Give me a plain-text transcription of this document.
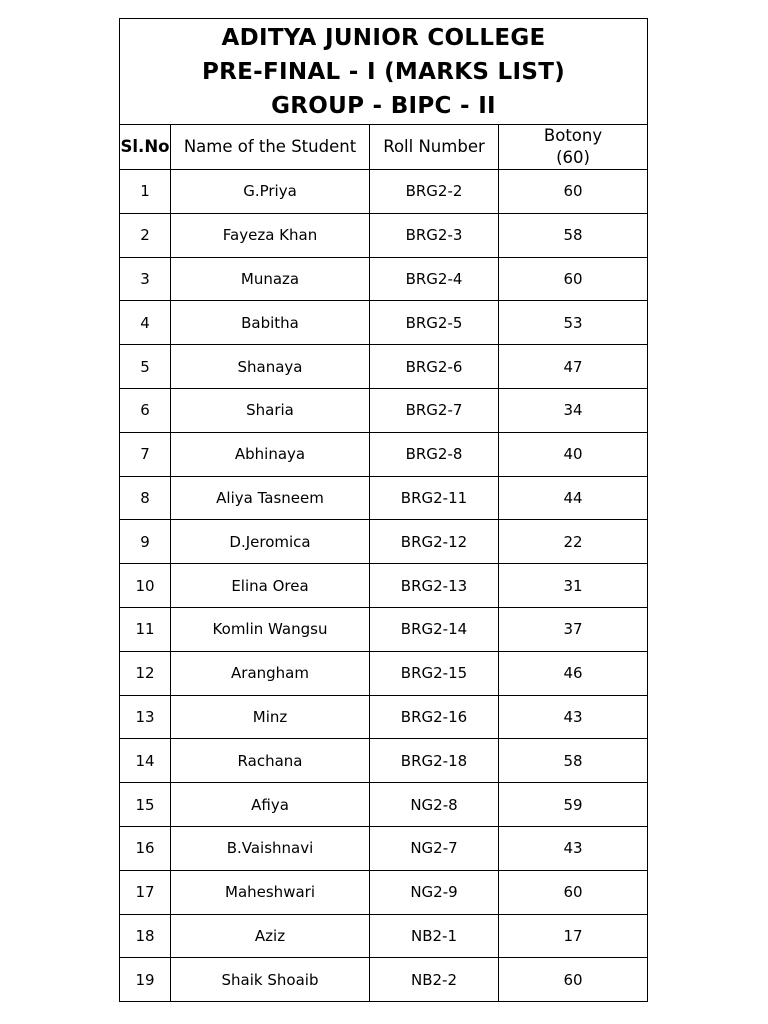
ADITYA JUNIOR COLLEGE
PRE-FINAL - I (MARKS LIST)
GROUP - BIPC - II			

Sl.No	Name of the Student	Roll Number	Botony
(60)

1	G.Priya	BRG2-2	60
2	Fayeza Khan	BRG2-3	58
3	Munaza	BRG2-4	60
4	Babitha	BRG2-5	53
5	Shanaya	BRG2-6	47
6	Sharia	BRG2-7	34
7	Abhinaya	BRG2-8	40
8	Aliya Tasneem	BRG2-11	44
9	D.Jeromica	BRG2-12	22
10	Elina Orea	BRG2-13	31
11	Komlin Wangsu	BRG2-14	37
12	Arangham	BRG2-15	46
13	Minz	BRG2-16	43
14	Rachana	BRG2-18	58
15	Afiya	NG2-8	59
16	B.Vaishnavi	NG2-7	43
17	Maheshwari	NG2-9	60
18	Aziz	NB2-1	17
19	Shaik Shoaib	NB2-2	60
